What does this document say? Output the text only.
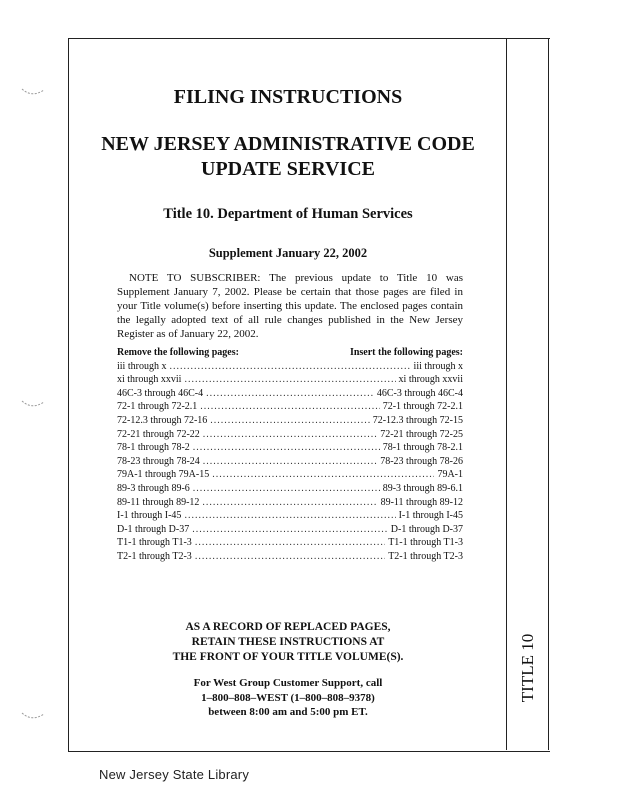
TITLE 10
FILING INSTRUCTIONS
NEW JERSEY ADMINISTRATIVE CODE
UPDATE SERVICE
Title 10. Department of Human Services
Supplement January 22, 2002
NOTE TO SUBSCRIBER: The previous update to Title 10 was Supplement January 7, 2002. Please be certain that those pages are filed in your Title volume(s) before inserting this update. The enclosed pages contain the legally adopted text of all rule changes published in the New Jersey Register as of January 22, 2002.
Remove the following pages:	Insert the following pages:
iii through x .....	iii through x
xi through xxvii .....	xi through xxvii
46C-3 through 46C-4 .....	46C-3 through 46C-4
72-1 through 72-2.1 .....	72-1 through 72-2.1
72-12.3 through 72-16 .....	72-12.3 through 72-15
72-21 through 72-22 .....	72-21 through 72-25
78-1 through 78-2 .....	78-1 through 78-2.1
78-23 through 78-24 .....	78-23 through 78-26
79A-1 through 79A-15 .....	79A-1
89-3 through 89-6 .....	89-3 through 89-6.1
89-11 through 89-12 .....	89-11 through 89-12
I-1 through I-45 .....	I-1 through I-45
D-1 through D-37 .....	D-1 through D-37
T1-1 through T1-3 .....	T1-1 through T1-3
T2-1 through T2-3 .....	T2-1 through T2-3
AS A RECORD OF REPLACED PAGES,
RETAIN THESE INSTRUCTIONS AT
THE FRONT OF YOUR TITLE VOLUME(S).
For West Group Customer Support, call
1–800–808–WEST (1–800–808–9378)
between 8:00 am and 5:00 pm ET.
New Jersey State Library
